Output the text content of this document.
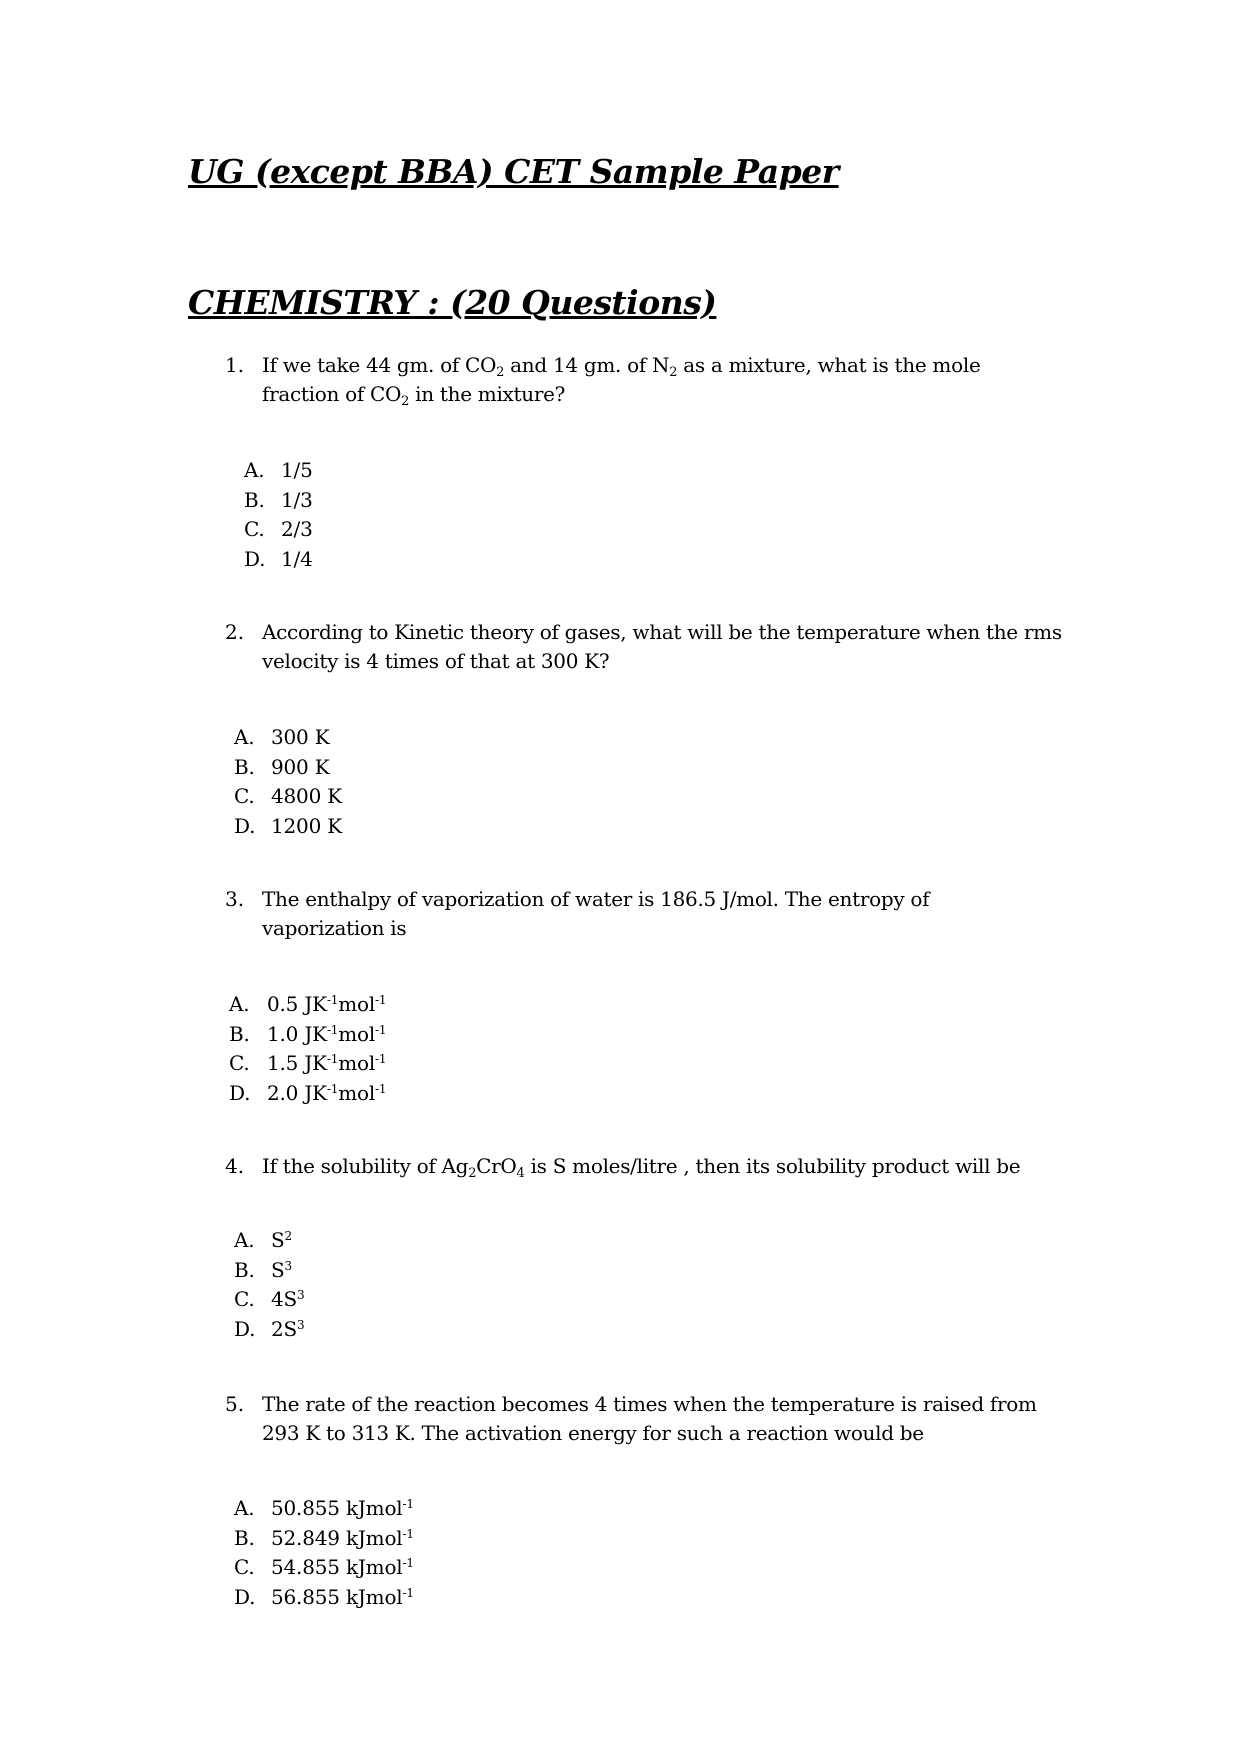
UG (except BBA) CET Sample Paper
CHEMISTRY : (20 Questions)
1. If we take 44 gm. of $CO_2$ and 14 gm. of $N_2$ as a mixture, what is the mole fraction of $CO_2$ in the mixture?
A. 1/5
B. 1/3
C. 2/3
D. 1/4
2. According to Kinetic theory of gases, what will be the temperature when the rms velocity is 4 times of that at 300 K?
A. 300 K
B. 900 K
C. 4800 K
D. 1200 K
3. The enthalpy of vaporization of water is 186.5 J/mol. The entropy of vaporization is
A. 0.5 $JK^{-1}mol^{-1}$
B. 1.0 $JK^{-1}mol^{-1}$
C. 1.5 $JK^{-1}mol^{-1}$
D. 2.0 $JK^{-1}mol^{-1}$
4. If the solubility of $Ag_2CrO_4$ is S moles/litre , then its solubility product will be
A. $S^2$
B. $S^3$
C. $4S^3$
D. $2S^3$
5. The rate of the reaction becomes 4 times when the temperature is raised from 293 K to 313 K. The activation energy for such a reaction would be
A. 50.855 kJmol$^{-1}$
B. 52.849 kJmol$^{-1}$
C. 54.855 kJmol$^{-1}$
D. 56.855 kJmol$^{-1}$
